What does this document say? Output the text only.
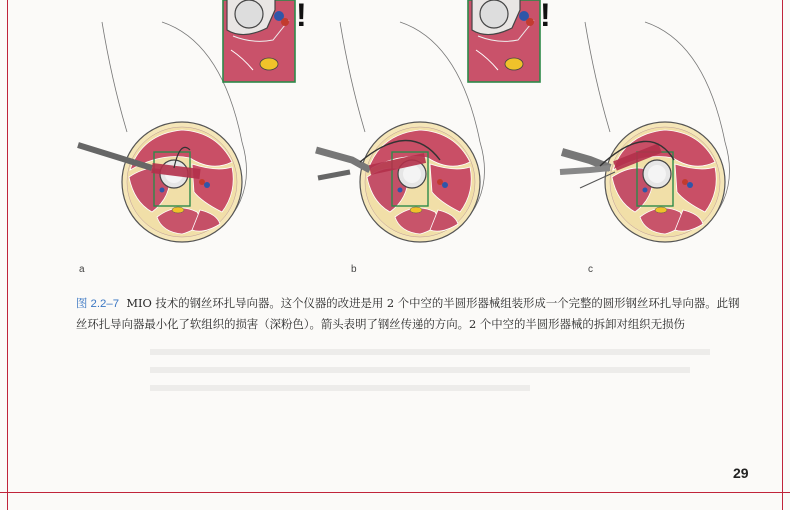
!	!
a	b	c
图 2.2–7 MIO 技术的钢丝环扎导向器。这个仪器的改进是用 2 个中空的半圆形器械组装形成一个完整的圆形钢丝环扎导向器。此钢丝环扎导向器最小化了软组织的损害（深粉色）。箭头表明了钢丝传递的方向。2 个中空的半圆形器械的拆卸对组织无损伤
29
